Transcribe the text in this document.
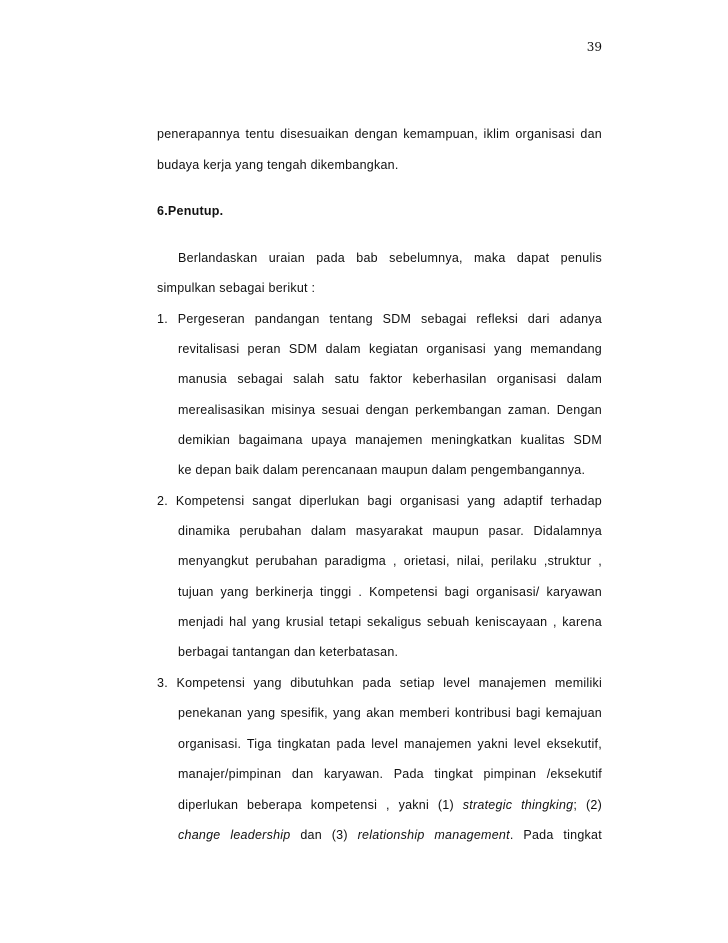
39
penerapannya tentu disesuaikan dengan kemampuan, iklim organisasi dan
budaya kerja yang tengah dikembangkan.
6.Penutup.
Berlandaskan uraian pada bab sebelumnya, maka dapat penulis
simpulkan sebagai berikut :
1. Pergeseran pandangan tentang SDM sebagai refleksi dari adanya
revitalisasi peran SDM dalam kegiatan organisasi yang memandang
manusia sebagai salah satu faktor keberhasilan organisasi dalam
merealisasikan misinya sesuai dengan perkembangan zaman. Dengan
demikian bagaimana upaya manajemen meningkatkan kualitas SDM
ke depan baik dalam perencanaan maupun dalam pengembangannya.
2. Kompetensi sangat diperlukan bagi organisasi yang adaptif terhadap
dinamika perubahan dalam masyarakat maupun pasar. Didalamnya
menyangkut perubahan paradigma , orietasi, nilai, perilaku ,struktur ,
tujuan yang berkinerja tinggi . Kompetensi bagi organisasi/ karyawan
menjadi hal yang krusial tetapi sekaligus sebuah keniscayaan , karena
berbagai tantangan dan keterbatasan.
3. Kompetensi yang dibutuhkan pada setiap level manajemen memiliki
penekanan yang spesifik, yang akan memberi kontribusi bagi kemajuan
organisasi. Tiga tingkatan pada level manajemen yakni level eksekutif,
manajer/pimpinan dan karyawan. Pada tingkat pimpinan /eksekutif
diperlukan beberapa kompetensi , yakni (1) strategic thingking; (2)
change leadership dan (3) relationship management. Pada tingkat
